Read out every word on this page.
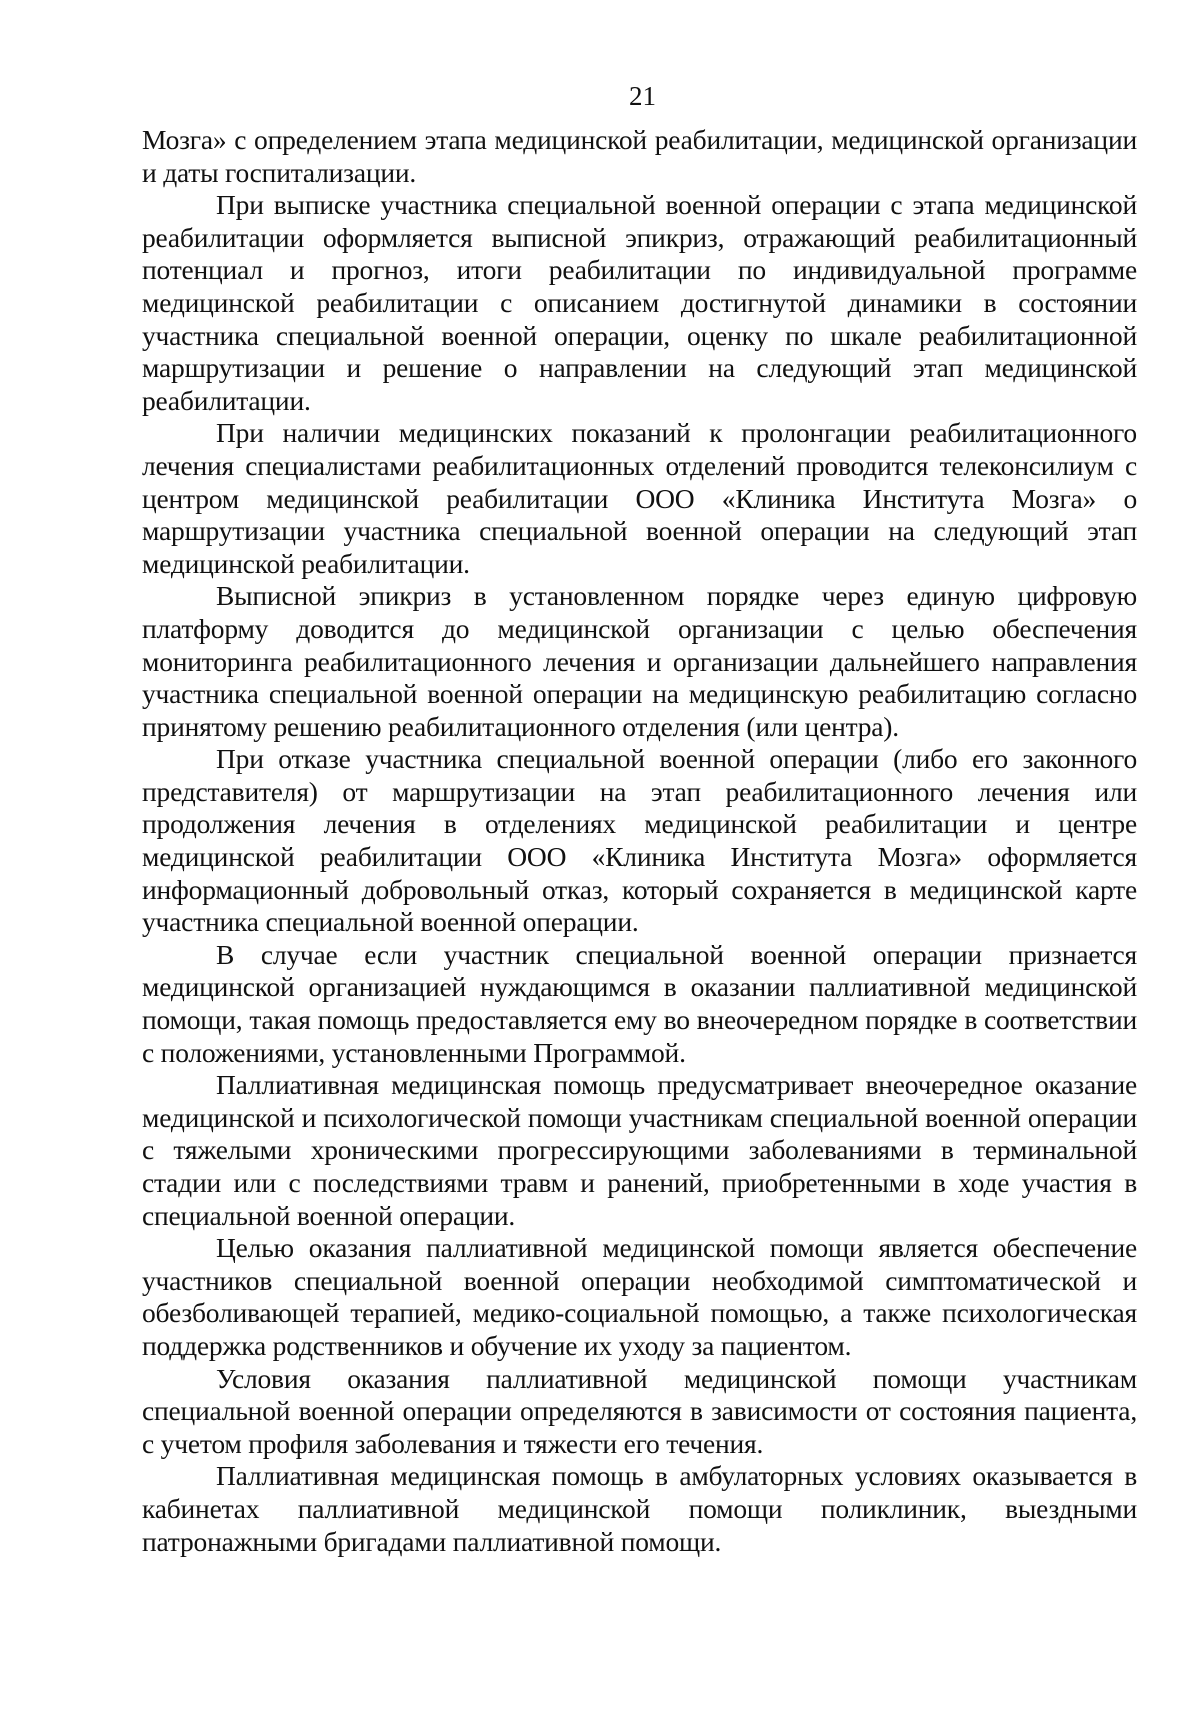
21

Мозга» с определением этапа медицинской реабилитации, медицинской организации и даты госпитализации.

При выписке участника специальной военной операции с этапа медицинской реабилитации оформляется выписной эпикриз, отражающий реабилитационный потенциал и прогноз, итоги реабилитации по индивидуальной программе медицинской реабилитации с описанием достигнутой динамики в состоянии участника специальной военной операции, оценку по шкале реабилитационной маршрутизации и решение о направлении на следующий этап медицинской реабилитации.

При наличии медицинских показаний к пролонгации реабилитационного лечения специалистами реабилитационных отделений проводится телеконсилиум с центром медицинской реабилитации ООО «Клиника Института Мозга» о маршрутизации участника специальной военной операции на следующий этап медицинской реабилитации.

Выписной эпикриз в установленном порядке через единую цифровую платформу доводится до медицинской организации с целью обеспечения мониторинга реабилитационного лечения и организации дальнейшего направления участника специальной военной операции на медицинскую реабилитацию согласно принятому решению реабилитационного отделения (или центра).

При отказе участника специальной военной операции (либо его законного представителя) от маршрутизации на этап реабилитационного лечения или продолжения лечения в отделениях медицинской реабилитации и центре медицинской реабилитации ООО «Клиника Института Мозга» оформляется информационный добровольный отказ, который сохраняется в медицинской карте участника специальной военной операции.

В случае если участник специальной военной операции признается медицинской организацией нуждающимся в оказании паллиативной медицинской помощи, такая помощь предоставляется ему во внеочередном порядке в соответствии с положениями, установленными Программой.

Паллиативная медицинская помощь предусматривает внеочередное оказание медицинской и психологической помощи участникам специальной военной операции с тяжелыми хроническими прогрессирующими заболеваниями в терминальной стадии или с последствиями травм и ранений, приобретенными в ходе участия в специальной военной операции.

Целью оказания паллиативной медицинской помощи является обеспечение участников специальной военной операции необходимой симптоматической и обезболивающей терапией, медико-социальной помощью, а также психологическая поддержка родственников и обучение их уходу за пациентом.

Условия оказания паллиативной медицинской помощи участникам специальной военной операции определяются в зависимости от состояния пациента, с учетом профиля заболевания и тяжести его течения.

Паллиативная медицинская помощь в амбулаторных условиях оказывается в кабинетах паллиативной медицинской помощи поликлиник, выездными патронажными бригадами паллиативной помощи.
